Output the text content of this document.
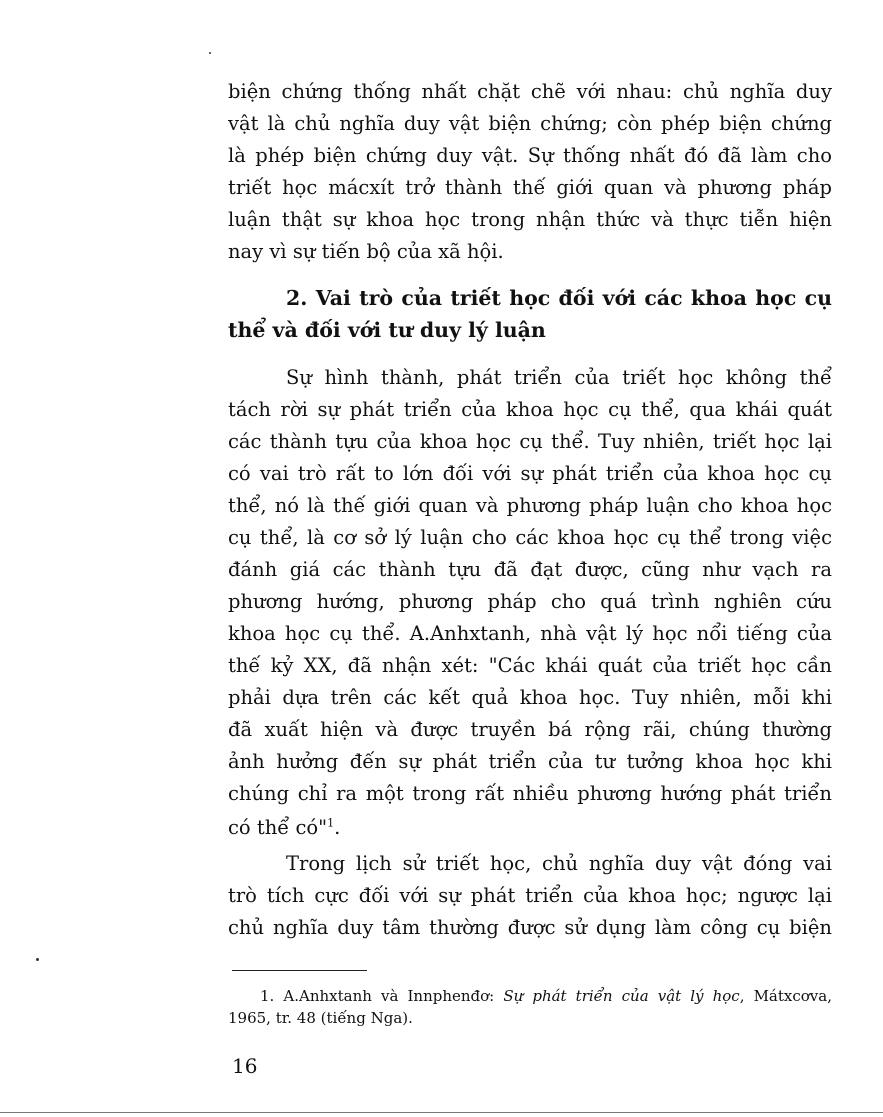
biện chứng thống nhất chặt chẽ với nhau: chủ nghĩa duy
vật là chủ nghĩa duy vật biện chứng; còn phép biện chứng
là phép biện chứng duy vật. Sự thống nhất đó đã làm cho
triết học mácxít trở thành thế giới quan và phương pháp
luận thật sự khoa học trong nhận thức và thực tiễn hiện
nay vì sự tiến bộ của xã hội.
2. Vai trò của triết học đối với các khoa học cụ
thể và đối với tư duy lý luận
Sự hình thành, phát triển của triết học không thể
tách rời sự phát triển của khoa học cụ thể, qua khái quát
các thành tựu của khoa học cụ thể. Tuy nhiên, triết học lại
có vai trò rất to lớn đối với sự phát triển của khoa học cụ
thể, nó là thế giới quan và phương pháp luận cho khoa học
cụ thể, là cơ sở lý luận cho các khoa học cụ thể trong việc
đánh giá các thành tựu đã đạt được, cũng như vạch ra
phương hướng, phương pháp cho quá trình nghiên cứu
khoa học cụ thể. A.Anhxtanh, nhà vật lý học nổi tiếng của
thế kỷ XX, đã nhận xét: "Các khái quát của triết học cần
phải dựa trên các kết quả khoa học. Tuy nhiên, mỗi khi
đã xuất hiện và được truyền bá rộng rãi, chúng thường
ảnh hưởng đến sự phát triển của tư tưởng khoa học khi
chúng chỉ ra một trong rất nhiều phương hướng phát triển
có thể có"$^1$.
Trong lịch sử triết học, chủ nghĩa duy vật đóng vai
trò tích cực đối với sự phát triển của khoa học; ngược lại
chủ nghĩa duy tâm thường được sử dụng làm công cụ biện
1. A.Anhxtanh và Innphenđơ: Sự phát triển của vật lý học, Mátxcơva,
1965, tr. 48 (tiếng Nga).
16
